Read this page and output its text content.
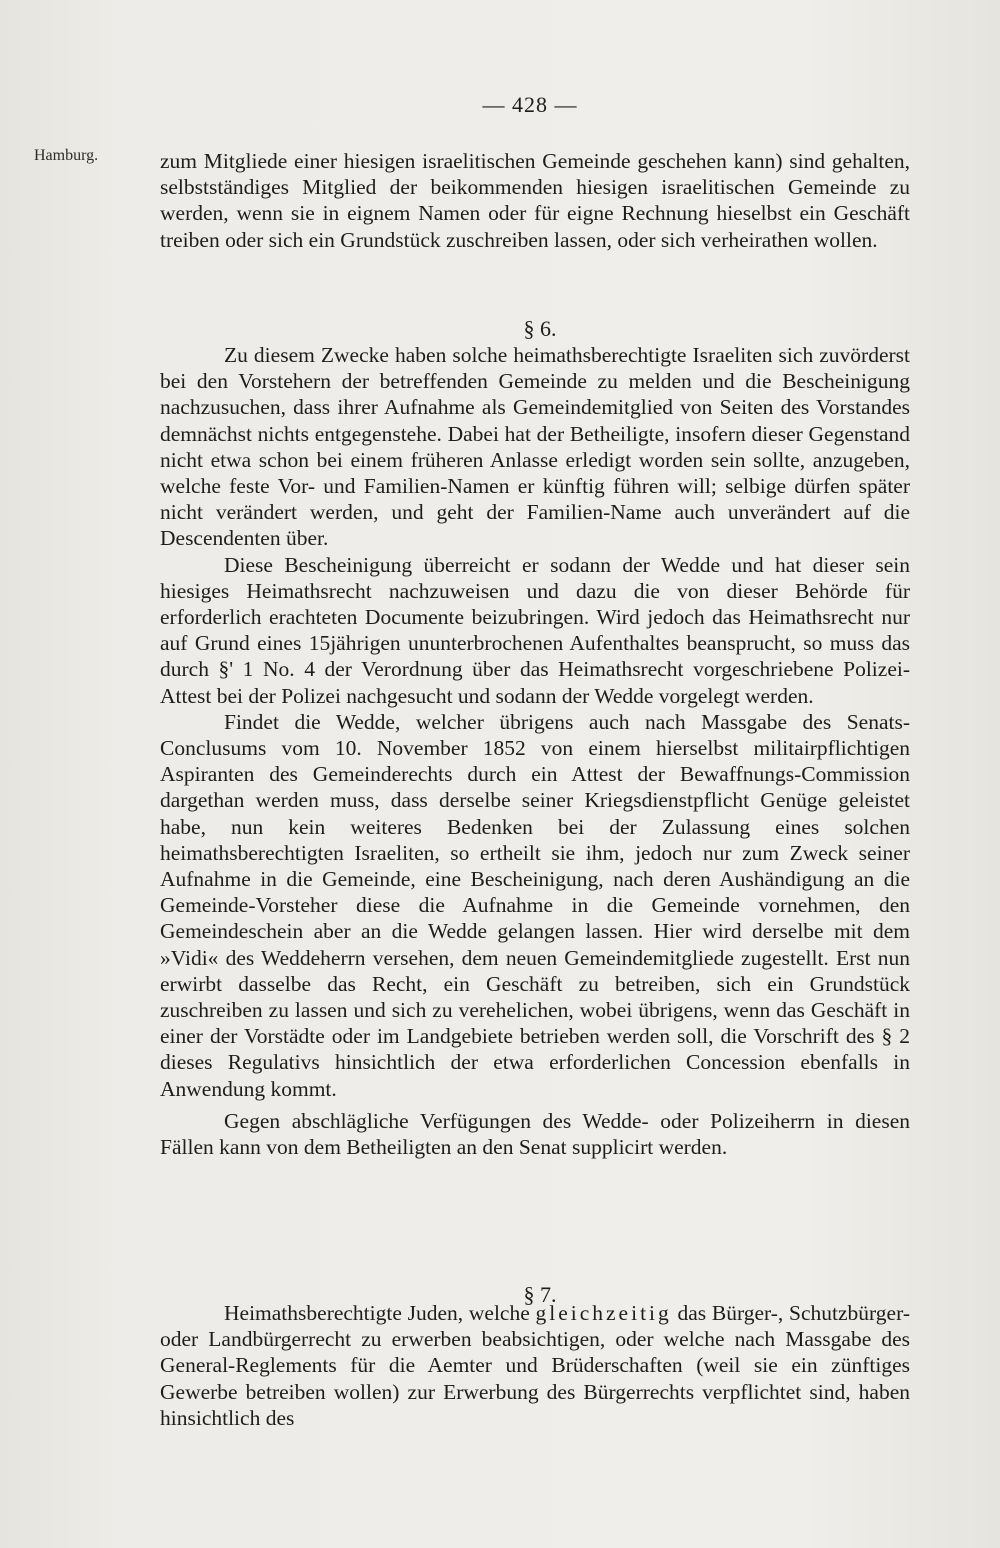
— 428 —
Hamburg.	zum Mitgliede einer hiesigen israelitischen Gemeinde geschehen kann) sind gehalten, selbstständiges Mitglied der beikommenden hiesigen israelitischen Gemeinde zu werden, wenn sie in eignem Namen oder für eigne Rechnung hieselbst ein Geschäft treiben oder sich ein Grundstück zuschreiben lassen, oder sich verheirathen wollen.

§ 6.

Zu diesem Zwecke haben solche heimathsberechtigte Israeliten sich zuvörderst bei den Vorstehern der betreffenden Gemeinde zu melden und die Bescheinigung nachzusuchen, dass ihrer Aufnahme als Gemeindemitglied von Seiten des Vorstandes demnächst nichts entgegenstehe. Dabei hat der Betheiligte, insofern dieser Gegenstand nicht etwa schon bei einem früheren Anlasse erledigt worden sein sollte, anzugeben, welche feste Vor- und Familien-Namen er künftig führen will; selbige dürfen später nicht verändert werden, und geht der Familien-Name auch unverändert auf die Descendenten über.

Diese Bescheinigung überreicht er sodann der Wedde und hat dieser sein hiesiges Heimathsrecht nachzuweisen und dazu die von dieser Behörde für erforderlich erachteten Documente beizubringen. Wird jedoch das Heimathsrecht nur auf Grund eines 15jährigen ununterbrochenen Aufenthaltes beansprucht, so muss das durch §' 1 No. 4 der Verordnung über das Heimathsrecht vorgeschriebene Polizei-Attest bei der Polizei nachgesucht und sodann der Wedde vorgelegt werden.

Findet die Wedde, welcher übrigens auch nach Massgabe des Senats-Conclusums vom 10. November 1852 von einem hierselbst militairpflichtigen Aspiranten des Gemeinderechts durch ein Attest der Bewaffnungs-Commission dargethan werden muss, dass derselbe seiner Kriegsdienstpflicht Genüge geleistet habe, nun kein weiteres Bedenken bei der Zulassung eines solchen heimathsberechtigten Israeliten, so ertheilt sie ihm, jedoch nur zum Zweck seiner Aufnahme in die Gemeinde, eine Bescheinigung, nach deren Aushändigung an die Gemeinde-Vorsteher diese die Aufnahme in die Gemeinde vornehmen, den Gemeindeschein aber an die Wedde gelangen lassen. Hier wird derselbe mit dem »Vidi« des Weddeherrn versehen, dem neuen Gemeindemitgliede zugestellt. Erst nun erwirbt dasselbe das Recht, ein Geschäft zu betreiben, sich ein Grundstück zuschreiben zu lassen und sich zu verehelichen, wobei übrigens, wenn das Geschäft in einer der Vorstädte oder im Landgebiete betrieben werden soll, die Vorschrift des § 2 dieses Regulativs hinsichtlich der etwa erforderlichen Concession ebenfalls in Anwendung kommt.

Gegen abschlägliche Verfügungen des Wedde- oder Polizeiherrn in diesen Fällen kann von dem Betheiligten an den Senat supplicirt werden.

§ 7.

Heimathsberechtigte Juden, welche gleichzeitig das Bürger-, Schutzbürger- oder Landbürgerrecht zu erwerben beabsichtigen, oder welche nach Massgabe des General-Reglements für die Aemter und Brüderschaften (weil sie ein zünftiges Gewerbe betreiben wollen) zur Erwerbung des Bürgerrechts verpflichtet sind, haben hinsichtlich des
